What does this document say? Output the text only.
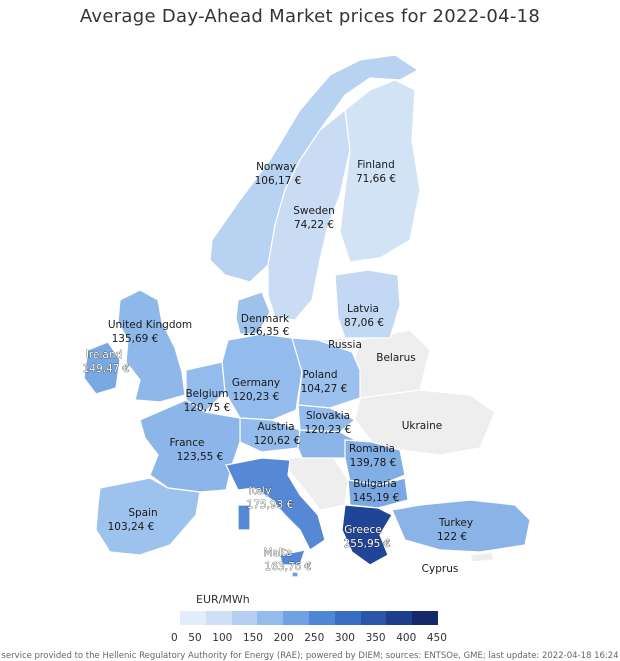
Average Day-Ahead Market prices for 2022-04-18
Norway
106,17 €
Finland
71,66 €
Sweden
74,22 €
Denmark
126,35 €
Latvia
87,06 €
United Kingdom
135,69 €
Ireland
149,47 €
Russia
Belarus
Germany
120,23 €
Poland
104,27 €
Belgium
120,75 €
Slovakia
120,23 €	Ukraine
Austria
120,62 €
France
123,55 €
Romania
139,78 €
Italy
175,93 €
Bulgaria
145,19 €
Spain
103,24 €	Turkey
122 €
Greece
255,95 €
Malta
163,76 €	Cyprus
EUR/MWh
0 50 100 150 200 250 300 350 400 450
service provided to the Hellenic Regulatory Authority for Energy (RAE); powered by DIEM; sources: ENTSOe, GME; last update: 2022-04-18 16:24
